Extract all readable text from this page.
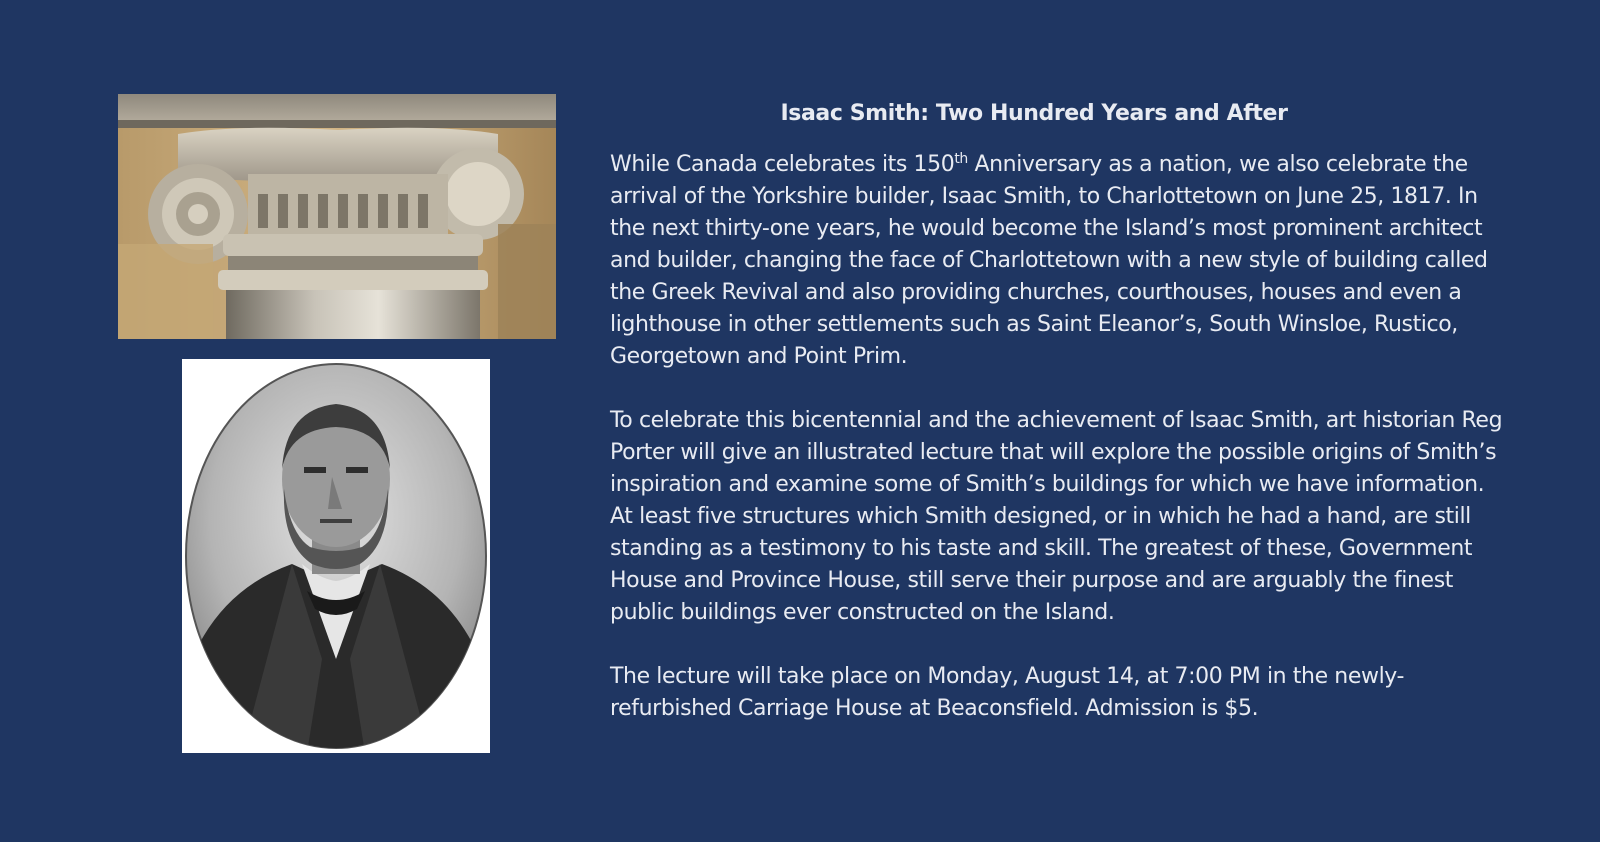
Isaac Smith: Two Hundred Years and After

While Canada celebrates its 150th Anniversary as a nation, we also celebrate the arrival of the Yorkshire builder, Isaac Smith, to Charlottetown on June 25, 1817. In the next thirty-one years, he would become the Island’s most prominent architect and builder, changing the face of Charlottetown with a new style of building called the Greek Revival and also providing churches, courthouses, houses and even a lighthouse in other settlements such as Saint Eleanor’s, South Winsloe, Rustico, Georgetown and Point Prim.

To celebrate this bicentennial and the achievement of Isaac Smith, art historian Reg Porter will give an illustrated lecture that will explore the possible origins of Smith’s inspiration and examine some of Smith’s buildings for which we have information. At least five structures which Smith designed, or in which he had a hand, are still standing as a testimony to his taste and skill. The greatest of these, Government House and Province House, still serve their purpose and are arguably the finest public buildings ever constructed on the Island.

The lecture will take place on Monday, August 14, at 7:00 PM in the newly-refurbished Carriage House at Beaconsfield. Admission is $5.
